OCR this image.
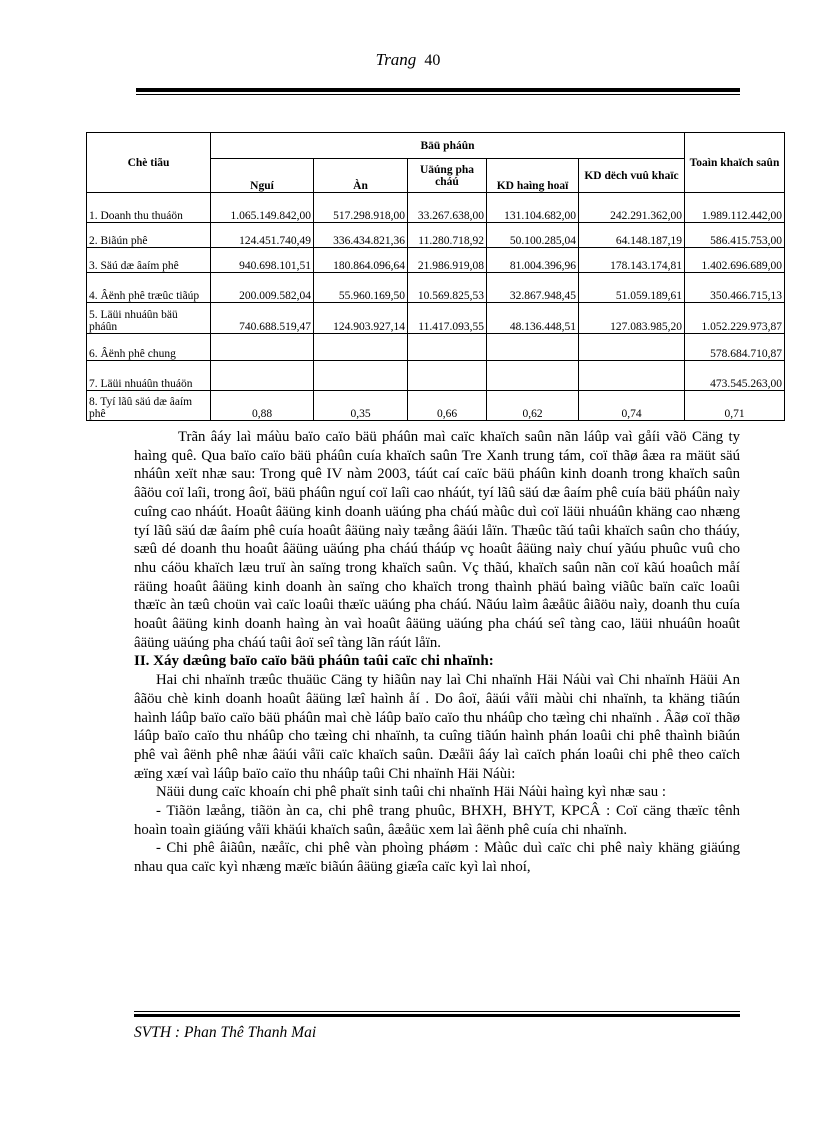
Trang 40
Chè tiãu	Bäü pháûn					Toaìn khaïch saûn
	Nguí	Àn	Uäúng pha cháú	KD haìng hoaï	KD dëch vuû khaïc	
1. Doanh thu thuáön	1.065.149.842,00	517.298.918,00	33.267.638,00	131.104.682,00	242.291.362,00	1.989.112.442,00
2. Biãún phê	124.451.740,49	336.434.821,36	11.280.718,92	50.100.285,04	64.148.187,19	586.415.753,00
3. Säú dæ âaím phê	940.698.101,51	180.864.096,64	21.986.919,08	81.004.396,96	178.143.174,81	1.402.696.689,00
4. Âënh phê træûc tiãúp	200.009.582,04	55.960.169,50	10.569.825,53	32.867.948,45	51.059.189,61	350.466.715,13
5. Läüi nhuáûn bäü pháûn	740.688.519,47	124.903.927,14	11.417.093,55	48.136.448,51	127.083.985,20	1.052.229.973,87
6. Âënh phê chung						578.684.710,87
7. Läüi nhuáûn thuáön						473.545.263,00
8. Tyí lãû säú dæ âaím phê	0,88	0,35	0,66	0,62	0,74	0,71

Trãn âáy laì máùu baïo caïo bäü pháûn maì caïc khaïch saûn nãn láûp vaì gåíi vãö Cäng ty haìng quê. Qua baïo caïo bäü pháûn cuía khaïch saûn Tre Xanh trung tám, coï thãø âæa ra mäüt säú nháûn xeït nhæ sau: Trong quê IV nàm 2003, táút caí caïc bäü pháûn kinh doanh trong khaïch saûn âãöu coï laîi, trong âoï, bäü pháûn nguí coï laîi cao nháút, tyí lãû säú dæ âaím phê cuía bäü pháûn naìy cuîng cao nháút. Hoaût âäüng kinh doanh uäúng pha cháú màûc duì coï läüi nhuáûn khäng cao nhæng tyí lãû säú dæ âaím phê cuía hoaût âäüng naìy tæång âäúi låïn. Thæûc tãú taûi khaïch saûn cho tháúy, sæû dé doanh thu hoaût âäüng uäúng pha cháú tháúp vç hoaût âäüng naìy chuí yãúu phuûc vuû cho nhu cáöu khaïch læu truï àn saïng trong khaïch saûn. Vç thãú, khaïch saûn nãn coï kãú hoaûch måí räüng hoaût âäüng kinh doanh àn saïng cho khaïch trong thaình phäú baìng viãûc baïn caïc loaûi thæïc àn tæû choün vaì caïc loaûi thæïc uäúng pha cháú. Nãúu laìm âæåüc âiãöu naìy, doanh thu cuía hoaût âäüng kinh doanh haìng àn vaì hoaût âäüng uäúng pha cháú seî tàng cao, läüi nhuáûn hoaût âäüng uäúng pha cháú taûi âoï seî tàng lãn ráút låïn.

II. Xáy dæûng baïo caïo bäü pháûn taûi caïc chi nhaïnh:

Hai chi nhaïnh træûc thuäüc Cäng ty hiãûn nay laì Chi nhaïnh Häi Náùi vaì Chi nhaïnh Häüi An âãöu chè kinh doanh hoaût âäüng læî haình åí . Do âoï, âäúi våïi màùi chi nhaïnh, ta khäng tiãún haình láûp baïo caïo bäü pháûn maì chè láûp baïo caïo thu nháûp cho tæìng chi nhaïnh . Âãø coï thãø láûp baïo caïo thu nháûp cho tæìng chi nhaïnh, ta cuîng tiãún haình phán loaûi chi phê thaình biãún phê vaì âënh phê nhæ âäúi våïi caïc khaïch saûn. Dæåïi âáy laì caïch phán loaûi chi phê theo caïch æïng xæí vaì láûp baïo caïo thu nháûp taûi Chi nhaïnh Häi Náùi:

Näüi dung caïc khoaín chi phê phaït sinh taûi chi nhaïnh Häi Náùi haìng kyì nhæ sau :

- Tiãön læång, tiãön àn ca, chi phê trang phuûc, BHXH, BHYT, KPCÂ : Coï cäng thæïc tênh hoaìn toaìn giäúng våïi khäúi khaïch saûn, âæåüc xem laì âënh phê cuía chi nhaïnh.

- Chi phê âiãûn, næåïc, chi phê vàn phoìng pháøm : Màûc duì caïc chi phê naìy khäng giäúng nhau qua caïc kyì nhæng mæïc biãún âäüng giæîa caïc kyì laì nhoí,

SVTH : Phan Thê Thanh Mai
